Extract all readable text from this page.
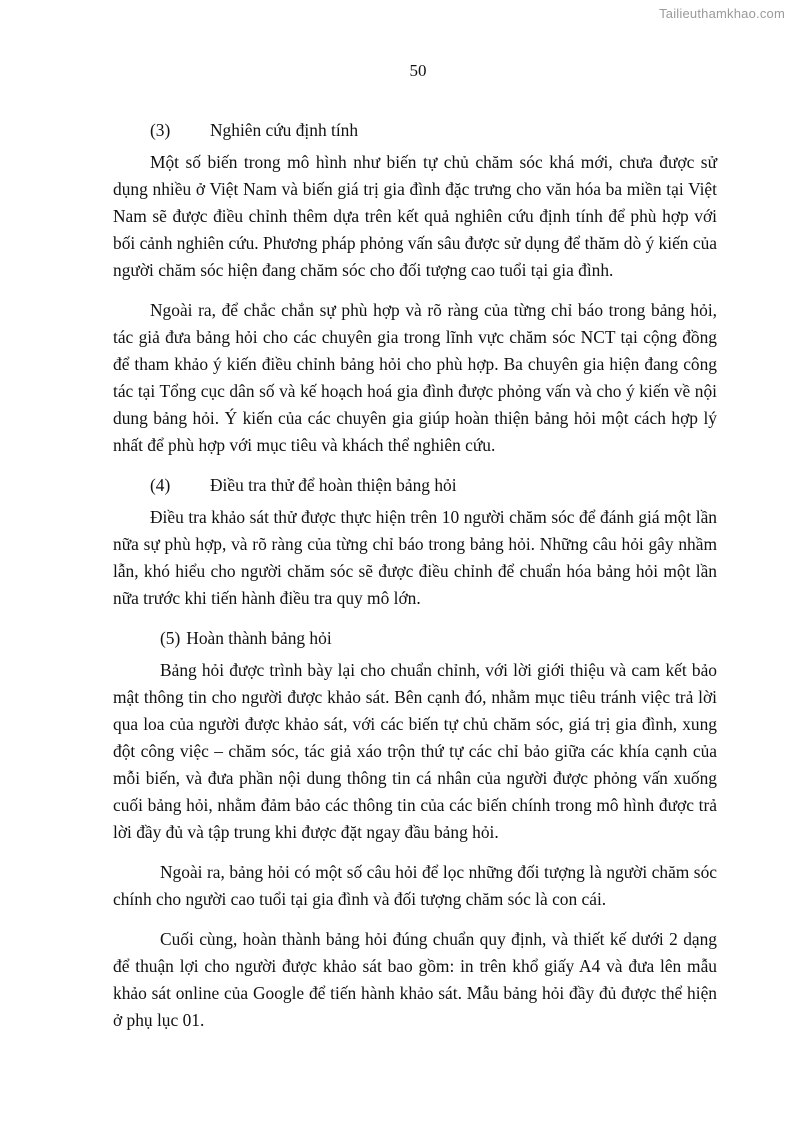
Tailieuthamkhao.com
50
(3) Nghiên cứu định tính

Một số biến trong mô hình như biến tự chủ chăm sóc khá mới, chưa được sử dụng nhiều ở Việt Nam và biến giá trị gia đình đặc trưng cho văn hóa ba miền tại Việt Nam sẽ được điều chỉnh thêm dựa trên kết quả nghiên cứu định tính để phù hợp với bối cảnh nghiên cứu. Phương pháp phỏng vấn sâu được sử dụng để thăm dò ý kiến của người chăm sóc hiện đang chăm sóc cho đối tượng cao tuổi tại gia đình.

Ngoài ra, để chắc chắn sự phù hợp và rõ ràng của từng chỉ báo trong bảng hỏi, tác giả đưa bảng hỏi cho các chuyên gia trong lĩnh vực chăm sóc NCT tại cộng đồng để tham khảo ý kiến điều chỉnh bảng hỏi cho phù hợp. Ba chuyên gia hiện đang công tác tại Tổng cục dân số và kế hoạch hoá gia đình được phỏng vấn và cho ý kiến về nội dung bảng hỏi. Ý kiến của các chuyên gia giúp hoàn thiện bảng hỏi một cách hợp lý nhất để phù hợp với mục tiêu và khách thể nghiên cứu.

(4) Điều tra thử để hoàn thiện bảng hỏi

Điều tra khảo sát thử được thực hiện trên 10 người chăm sóc để đánh giá một lần nữa sự phù hợp, và rõ ràng của từng chỉ báo trong bảng hỏi. Những câu hỏi gây nhầm lẫn, khó hiểu cho người chăm sóc sẽ được điều chỉnh để chuẩn hóa bảng hỏi một lần nữa trước khi tiến hành điều tra quy mô lớn.

(5) Hoàn thành bảng hỏi

Bảng hỏi được trình bày lại cho chuẩn chỉnh, với lời giới thiệu và cam kết bảo mật thông tin cho người được khảo sát. Bên cạnh đó, nhằm mục tiêu tránh việc trả lời qua loa của người được khảo sát, với các biến tự chủ chăm sóc, giá trị gia đình, xung đột công việc – chăm sóc, tác giả xáo trộn thứ tự các chỉ bảo giữa các khía cạnh của mỗi biến, và đưa phần nội dung thông tin cá nhân của người được phỏng vấn xuống cuối bảng hỏi, nhằm đảm bảo các thông tin của các biến chính trong mô hình được trả lời đầy đủ và tập trung khi được đặt ngay đầu bảng hỏi.

Ngoài ra, bảng hỏi có một số câu hỏi để lọc những đối tượng là người chăm sóc chính cho người cao tuổi tại gia đình và đối tượng chăm sóc là con cái.

Cuối cùng, hoàn thành bảng hỏi đúng chuẩn quy định, và thiết kế dưới 2 dạng để thuận lợi cho người được khảo sát bao gồm: in trên khổ giấy A4 và đưa lên mẫu khảo sát online của Google để tiến hành khảo sát. Mẫu bảng hỏi đầy đủ được thể hiện ở phụ lục 01.
